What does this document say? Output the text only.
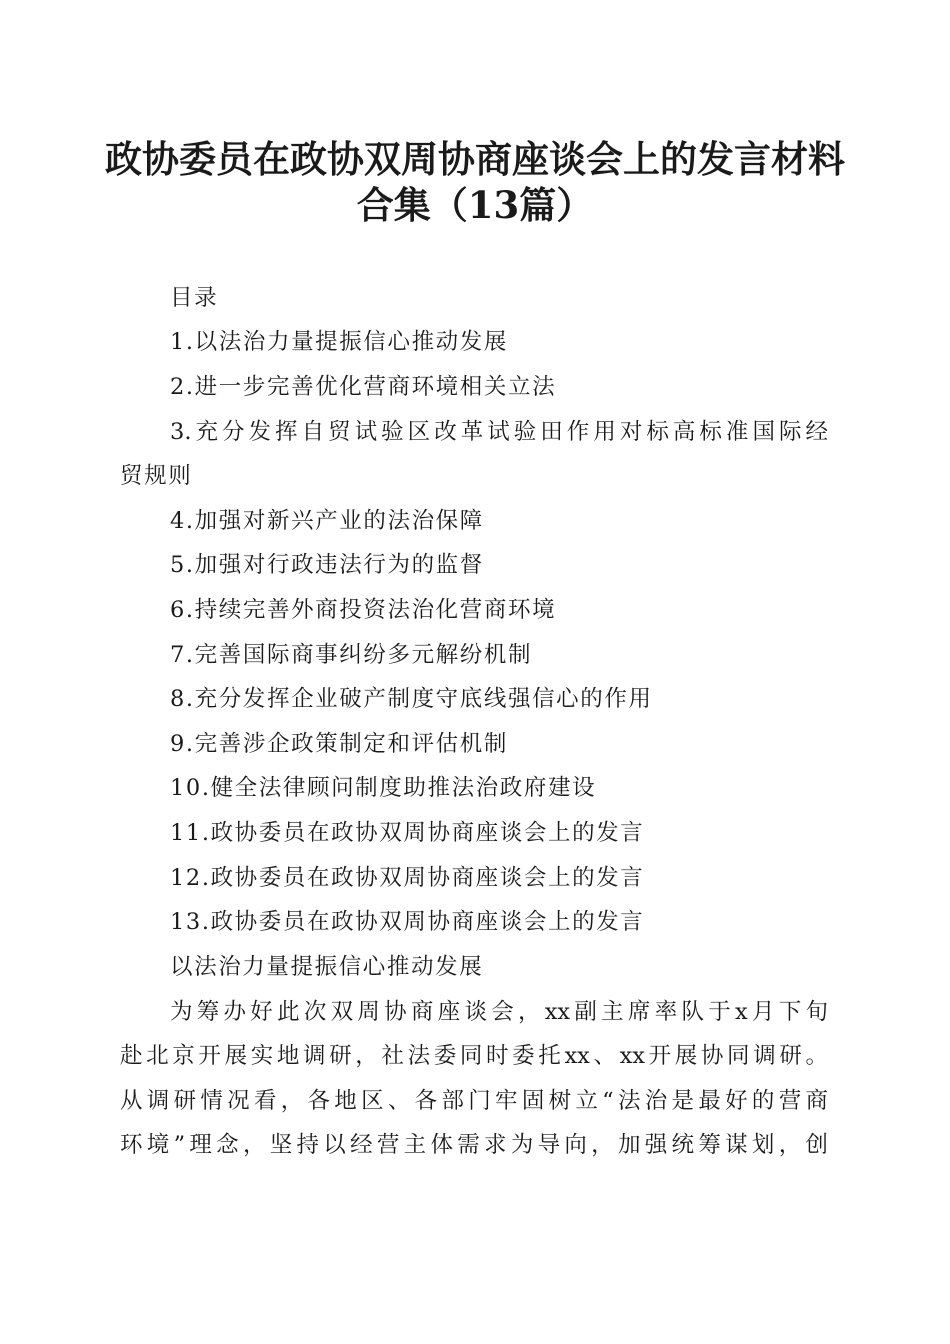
政协委员在政协双周协商座谈会上的发言材料
合集（13篇）
目录
1.以法治力量提振信心推动发展
2.进一步完善优化营商环境相关立法
3.充分发挥自贸试验区改革试验田作用对标高标准国际经
贸规则
4.加强对新兴产业的法治保障
5.加强对行政违法行为的监督
6.持续完善外商投资法治化营商环境
7.完善国际商事纠纷多元解纷机制
8.充分发挥企业破产制度守底线强信心的作用
9.完善涉企政策制定和评估机制
10.健全法律顾问制度助推法治政府建设
11.政协委员在政协双周协商座谈会上的发言
12.政协委员在政协双周协商座谈会上的发言
13.政协委员在政协双周协商座谈会上的发言
以法治力量提振信心推动发展
为筹办好此次双周协商座谈会，xx副主席率队于x月下旬
赴北京开展实地调研，社法委同时委托xx、xx开展协同调研。
从调研情况看，各地区、各部门牢固树立“法治是最好的营商
环境”理念，坚持以经营主体需求为导向，加强统筹谋划，创
